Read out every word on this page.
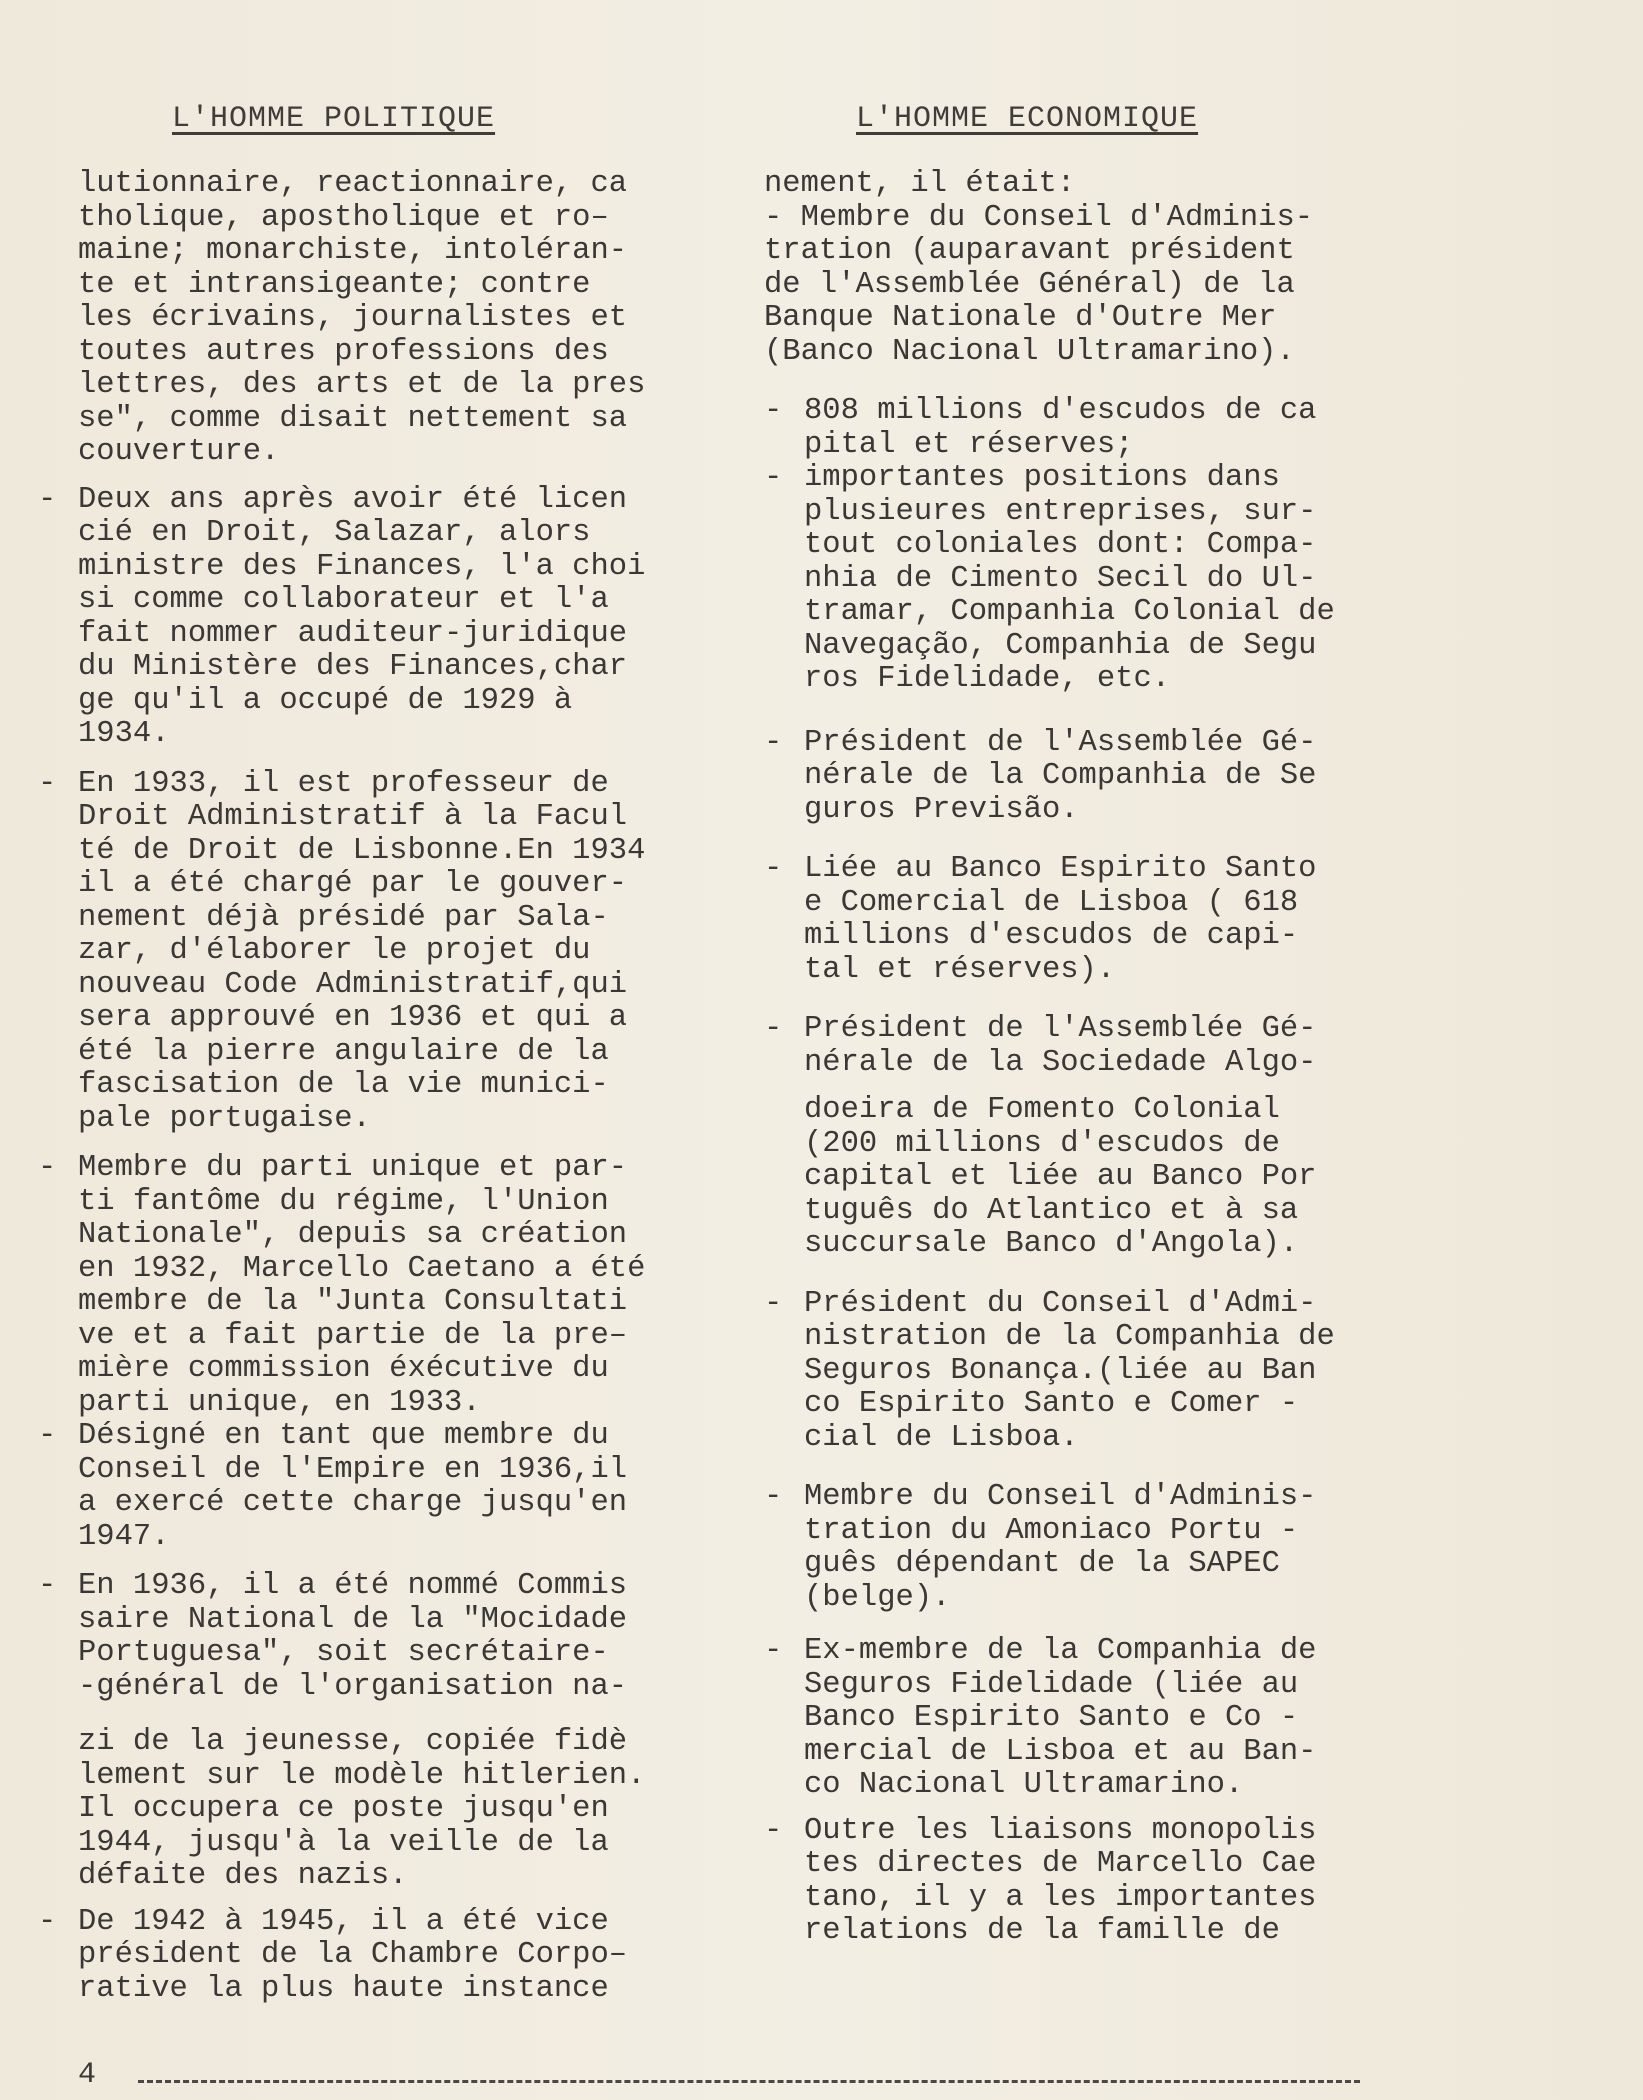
L'HOMME POLITIQUE	L'HOMME ECONOMIQUE
lutionnaire, reactionnaire, ca
tholique, apostholique et ro–
maine; monarchiste, intoléran-
te et intransigeante; contre
les écrivains, journalistes et
toutes autres professions des
lettres, des arts et de la pres
se", comme disait nettement sa
couverture.
- Deux ans après avoir été licen
cié en Droit, Salazar, alors
ministre des Finances, l'a choi
si comme collaborateur et l'a
fait nommer auditeur-juridique
du Ministère des Finances,char
ge qu'il a occupé de 1929 à
1934.
- En 1933, il est professeur de
Droit Administratif à la Facul
té de Droit de Lisbonne.En 1934
il a été chargé par le gouver-
nement déjà présidé par Sala-
zar, d'élaborer le projet du
nouveau Code Administratif,qui
sera approuvé en 1936 et qui a
été la pierre angulaire de la
fascisation de la vie munici-
pale portugaise.
- Membre du parti unique et par-
ti fantôme du régime, l'Union
Nationale", depuis sa création
en 1932, Marcello Caetano a été
membre de la "Junta Consultati
ve et a fait partie de la pre–
mière commission éxécutive du
parti unique, en 1933.
- Désigné en tant que membre du
Conseil de l'Empire en 1936,il
a exercé cette charge jusqu'en
1947.
- En 1936, il a été nommé Commis
saire National de la "Mocidade
Portuguesa", soit secrétaire-
-général de l'organisation na-
zi de la jeunesse, copiée fidè
lement sur le modèle hitlerien.
Il occupera ce poste jusqu'en
1944, jusqu'à la veille de la
défaite des nazis.
- De 1942 à 1945, il a été vice
président de la Chambre Corpo–
rative la plus haute instance
nement, il était:
- Membre du Conseil d'Adminis-
tration (auparavant président
de l'Assemblée Général) de la
Banque Nationale d'Outre Mer
(Banco Nacional Ultramarino).
- 808 millions d'escudos de ca
pital et réserves;
- importantes positions dans
plusieures entreprises, sur-
tout coloniales dont: Compa-
nhia de Cimento Secil do Ul-
tramar, Companhia Colonial de
Navegação, Companhia de Segu
ros Fidelidade, etc.
- Président de l'Assemblée Gé-
nérale de la Companhia de Se
guros Previsão.
- Liée au Banco Espirito Santo
e Comercial de Lisboa ( 618
millions d'escudos de capi-
tal et réserves).
- Président de l'Assemblée Gé-
nérale de la Sociedade Algo-
doeira de Fomento Colonial
(200 millions d'escudos de
capital et liée au Banco Por
tuguês do Atlantico et à sa
succursale Banco d'Angola).
- Président du Conseil d'Admi-
nistration de la Companhia de
Seguros Bonança.(liée au Ban
co Espirito Santo e Comer -
cial de Lisboa.
- Membre du Conseil d'Adminis-
tration du Amoniaco Portu -
guês dépendant de la SAPEC
(belge).
- Ex-membre de la Companhia de
Seguros Fidelidade (liée au
Banco Espirito Santo e Co -
mercial de Lisboa et au Ban-
co Nacional Ultramarino.
- Outre les liaisons monopolis
tes directes de Marcello Cae
tano, il y a les importantes
relations de la famille de
4
